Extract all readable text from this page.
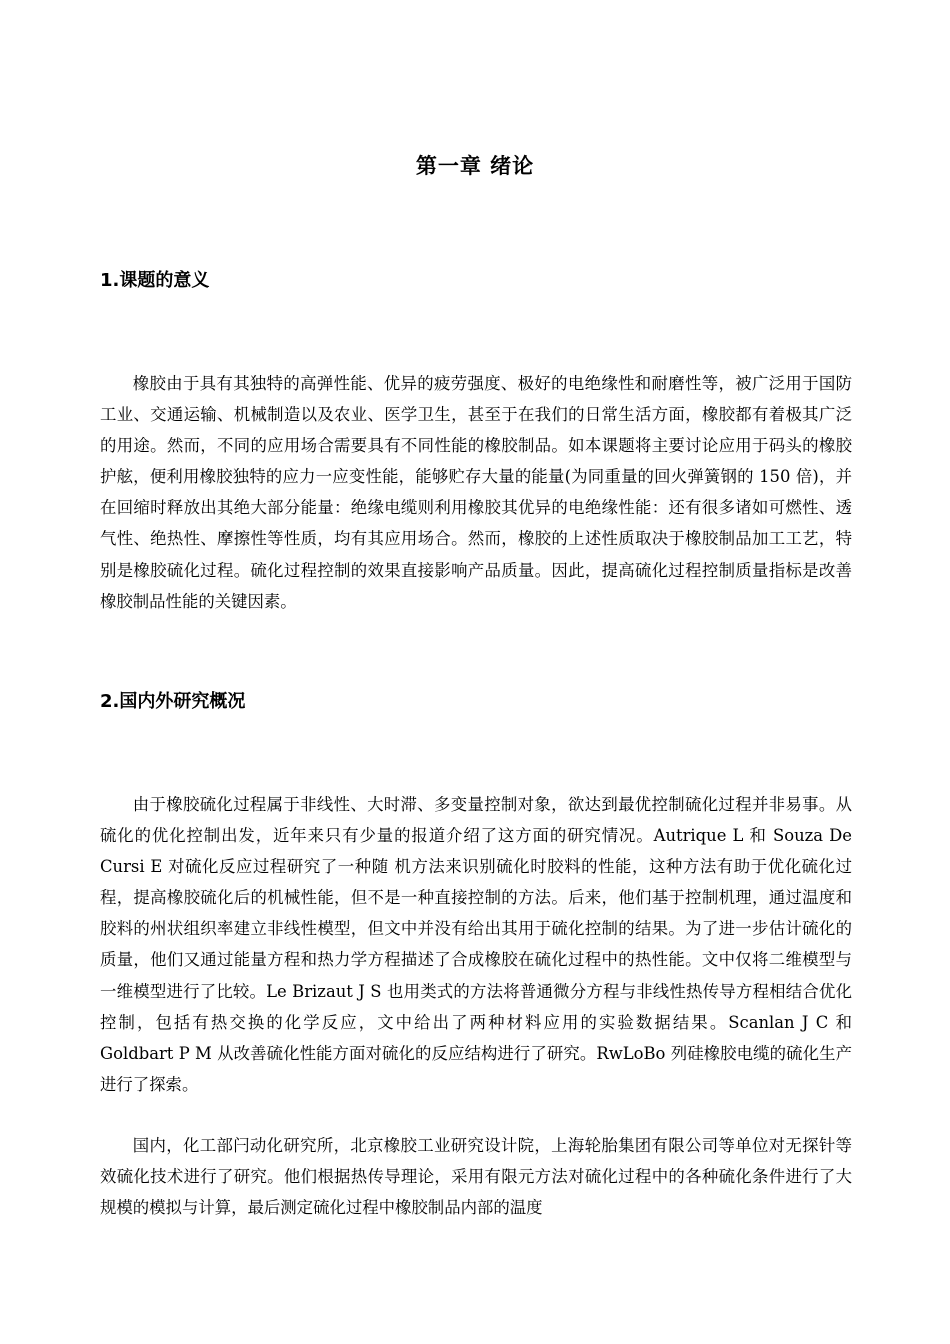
第一章 绪论
1.课题的意义

橡胶由于具有其独特的高弹性能、优异的疲劳强度、极好的电绝缘性和耐磨性等，被广泛用于国防工业、交通运输、机械制造以及农业、医学卫生，甚至于在我们的日常生活方面，橡胶都有着极其广泛的用途。然而，不同的应用场合需要具有不同性能的橡胶制品。如本课题将主要讨论应用于码头的橡胶护舷，便利用橡胶独特的应力一应变性能，能够贮存大量的能量(为同重量的回火弹簧钢的 150 倍)，并在回缩时释放出其绝大部分能量：绝缘电缆则利用橡胶其优异的电绝缘性能：还有很多诸如可燃性、透气性、绝热性、摩擦性等性质，均有其应用场合。然而，橡胶的上述性质取决于橡胶制品加工工艺，特别是橡胶硫化过程。硫化过程控制的效果直接影响产品质量。因此，提高硫化过程控制质量指标是改善橡胶制品性能的关键因素。

2.国内外研究概况

由于橡胶硫化过程属于非线性、大时滞、多变量控制对象，欲达到最优控制硫化过程并非易事。从硫化的优化控制出发，近年来只有少量的报道介绍了这方面的研究情况。Autrique L 和 Souza De Cursi E 对硫化反应过程研究了一种随 机方法来识别硫化时胶料的性能，这种方法有助于优化硫化过程，提高橡胶硫化后的机械性能，但不是一种直接控制的方法。后来，他们基于控制机理，通过温度和胶料的州状组织率建立非线性模型，但文中并没有给出其用于硫化控制的结果。为了进一步估计硫化的质量，他们又通过能量方程和热力学方程描述了合成橡胶在硫化过程中的热性能。文中仅将二维模型与一维模型进行了比较。Le Brizaut J S 也用类式的方法将普通微分方程与非线性热传导方程相结合优化控制，包括有热交换的化学反应，文中给出了两种材料应用的实验数据结果。Scanlan J C 和 Goldbart P M 从改善硫化性能方面对硫化的反应结构进行了研究。RwLoBo 列硅橡胶电缆的硫化生产进行了探索。

国内，化工部闩动化研究所，北京橡胶工业研究设计院，上海轮胎集团有限公司等单位对无探针等效硫化技术进行了研究。他们根据热传导理论，采用有限元方法对硫化过程中的各种硫化条件进行了大规模的模拟与计算，最后测定硫化过程中橡胶制品内部的温度
